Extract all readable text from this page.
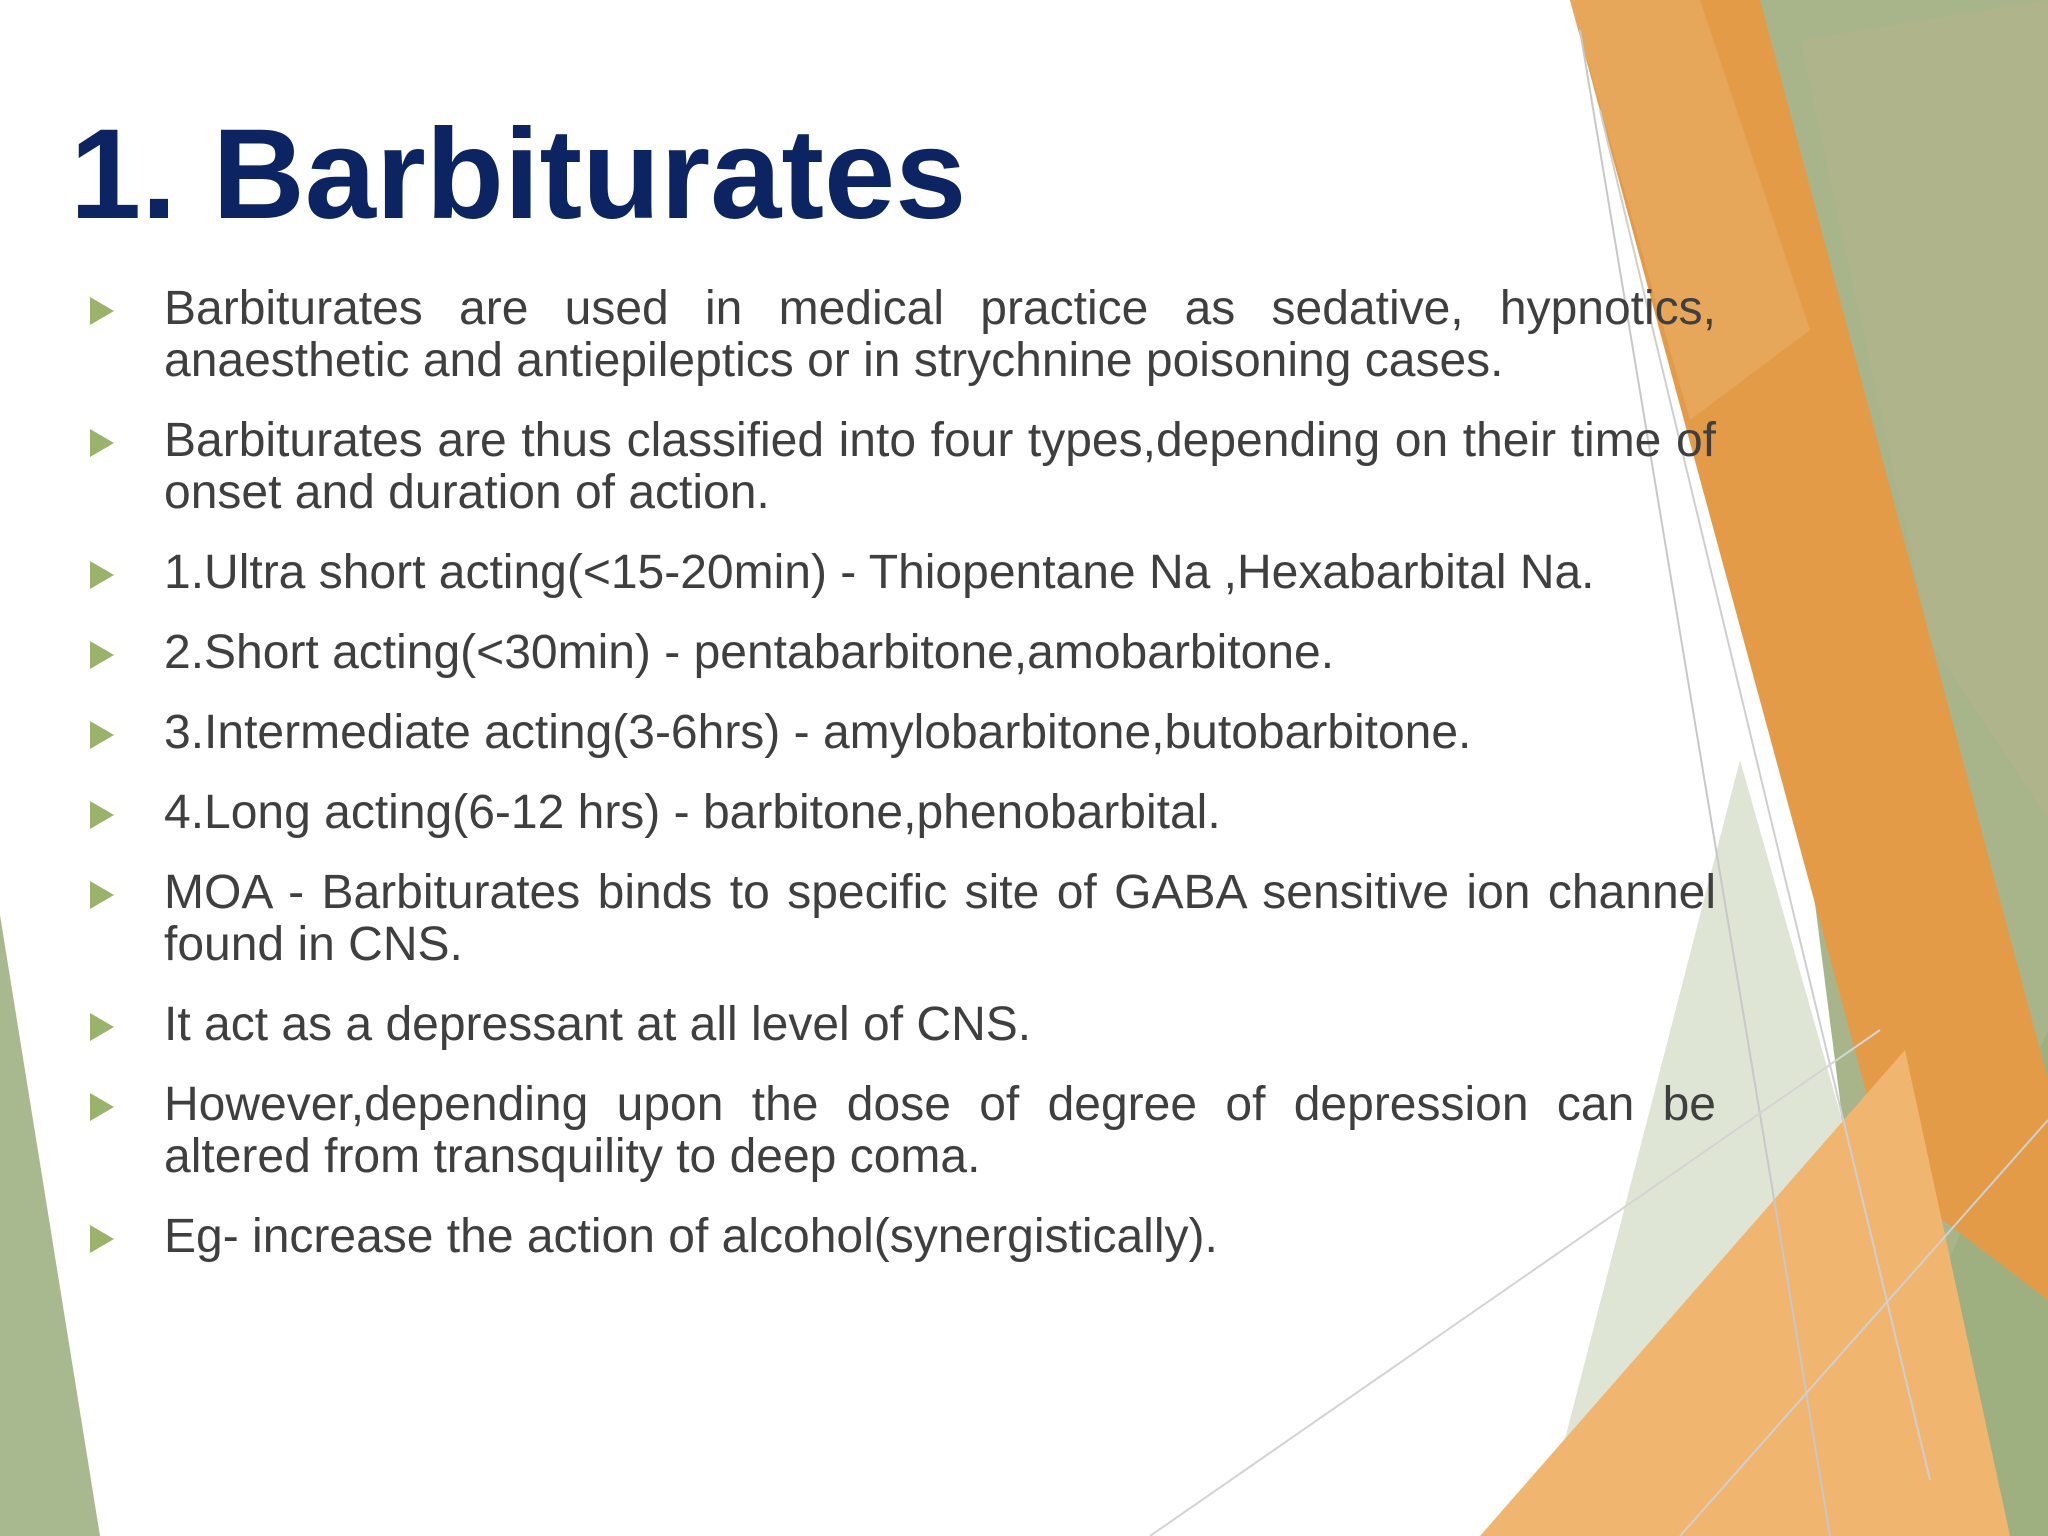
1. Barbiturates
Barbiturates are used in medical practice as sedative, hypnotics, anaesthetic and antiepileptics or in strychnine poisoning cases.
Barbiturates are thus classified into four types,depending on their time of onset and duration of action.
1.Ultra short acting(<15-20min) - Thiopentane Na ,Hexabarbital Na.
2.Short acting(<30min) - pentabarbitone,amobarbitone.
3.Intermediate acting(3-6hrs) - amylobarbitone,butobarbitone.
4.Long acting(6-12 hrs) - barbitone,phenobarbital.
MOA - Barbiturates binds to specific site of GABA sensitive ion channel found in CNS.
It act as a depressant at all level of CNS.
However,depending upon the dose of degree of depression can be altered from transquility to deep coma.
Eg- increase the action of alcohol(synergistically).
